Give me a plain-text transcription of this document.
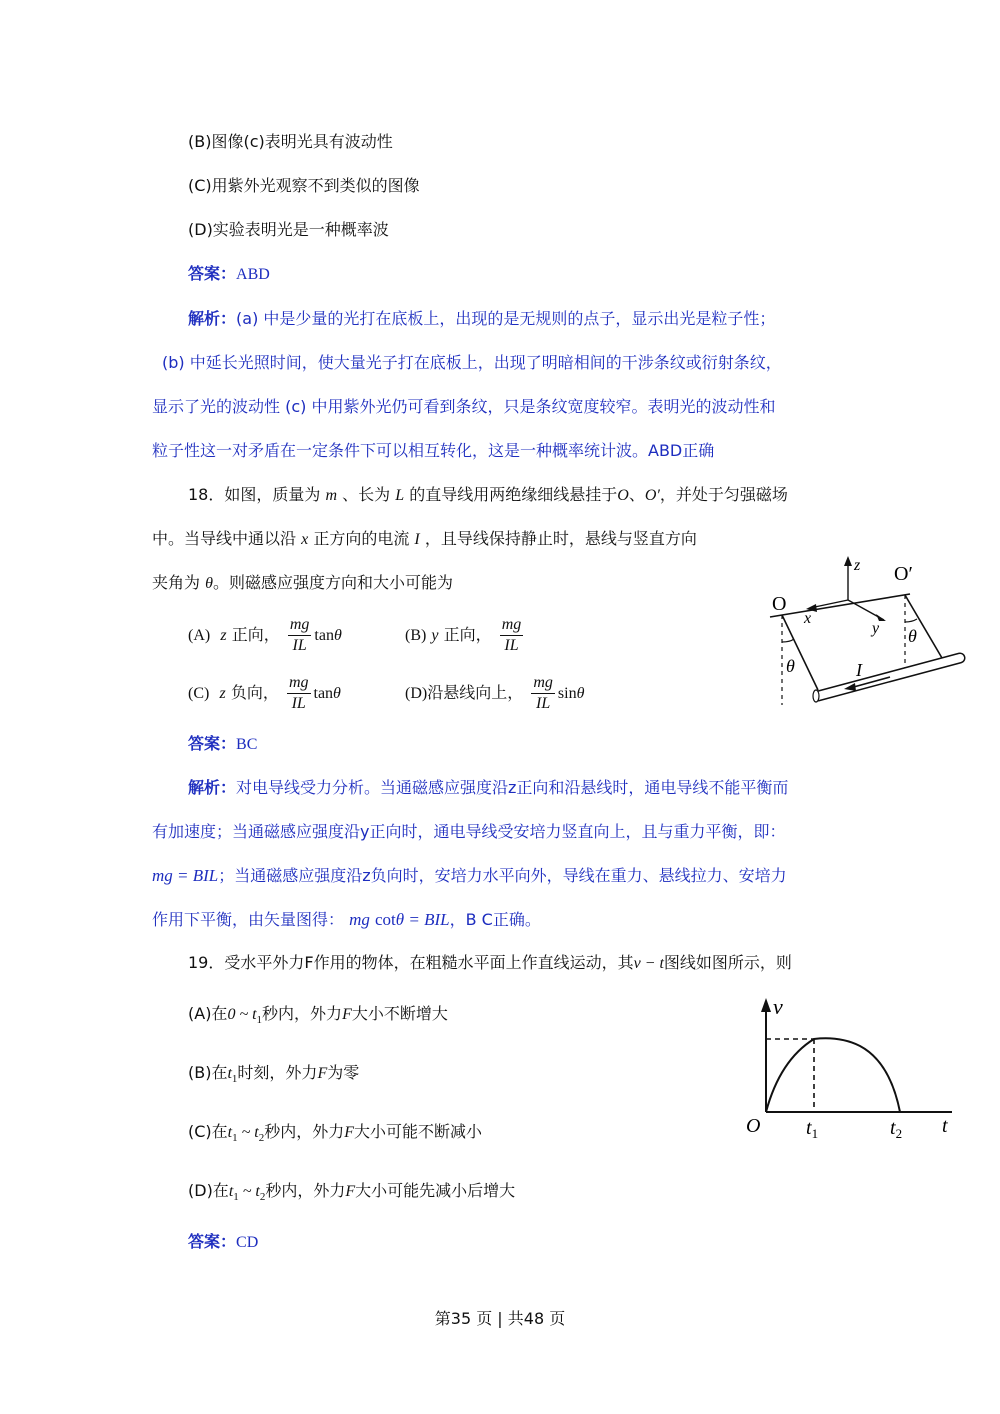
(B)图像(c)表明光具有波动性
(C)用紫外光观察不到类似的图像
(D)实验表明光是一种概率波
答案：ABD
解析：(a) 中是少量的光打在底板上，出现的是无规则的点子，显示出光是粒子性；
(b) 中延长光照时间，使大量光子打在底板上，出现了明暗相间的干涉条纹或衍射条纹，
显示了光的波动性 (c) 中用紫外光仍可看到条纹，只是条纹宽度较窄。表明光的波动性和
粒子性这一对矛盾在一定条件下可以相互转化，这是一种概率统计波。ABD正确
18．如图，质量为 m 、长为 L 的直导线用两绝缘细线悬挂于O、O′，并处于匀强磁场
中。当导线中通以沿 x 正方向的电流 I ，且导线保持静止时，悬线与竖直方向
夹角为 θ。则磁感应强度方向和大小可能为
(A) z 正向， $\frac{mg}{IL}$ tanθ	(B) y 正向， $\frac{mg}{IL}$
(C) z 负向， $\frac{mg}{IL}$ tanθ	(D)沿悬线向上， $\frac{mg}{IL}$ sinθ
O
O′
z
x
y
θ
θ
I
答案：BC
解析：对电导线受力分析。当通磁感应强度沿z正向和沿悬线时，通电导线不能平衡而
有加速度；当通磁感应强度沿y正向时，通电导线受安培力竖直向上，且与重力平衡，即：
mg = BIL；当通磁感应强度沿z负向时，安培力水平向外，导线在重力、悬线拉力、安培力
作用下平衡，由矢量图得： mg cotθ = BIL，B C正确。
19．受水平外力F作用的物体，在粗糙水平面上作直线运动，其v − t图线如图所示，则
(A)在0 ~ $t_1$秒内，外力F大小不断增大
(B)在$t_1$时刻，外力F为零
(C)在$t_1$ ~ $t_2$秒内，外力F大小可能不断减小
(D)在$t_1$ ~ $t_2$秒内，外力F大小可能先减小后增大
v
O $t_1$	$t_2$ t
答案：CD
第35 页 | 共48 页
